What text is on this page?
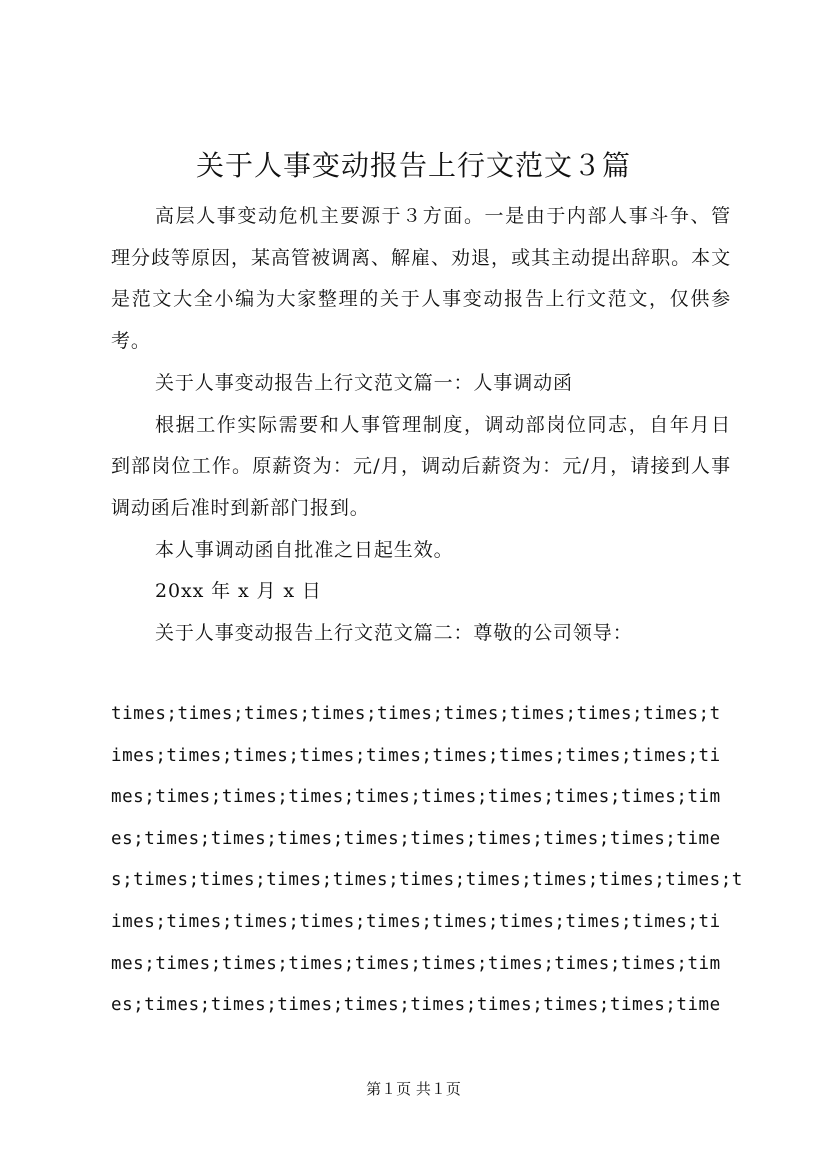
关于人事变动报告上行文范文３篇

高层人事变动危机主要源于３方面。一是由于内部人事斗争、管理分歧等原因，某高管被调离、解雇、劝退，或其主动提出辞职。本文是范文大全小编为大家整理的关于人事变动报告上行文范文，仅供参考。

关于人事变动报告上行文范文篇一：人事调动函

根据工作实际需要和人事管理制度，调动部岗位同志，自年月日到部岗位工作。原薪资为：元/月，调动后薪资为：元/月，请接到人事调动函后准时到新部门报到。

本人事调动函自批准之日起生效。

20xx 年 x 月 x 日

关于人事变动报告上行文范文篇二：尊敬的公司领导：

times;times;times;times;times;times;times;times;times;t
imes;times;times;times;times;times;times;times;times;ti
mes;times;times;times;times;times;times;times;times;tim
es;times;times;times;times;times;times;times;times;time
s;times;times;times;times;times;times;times;times;times;t
imes;times;times;times;times;times;times;times;times;ti
mes;times;times;times;times;times;times;times;times;tim
es;times;times;times;times;times;times;times;times;time
第１页 共１页
